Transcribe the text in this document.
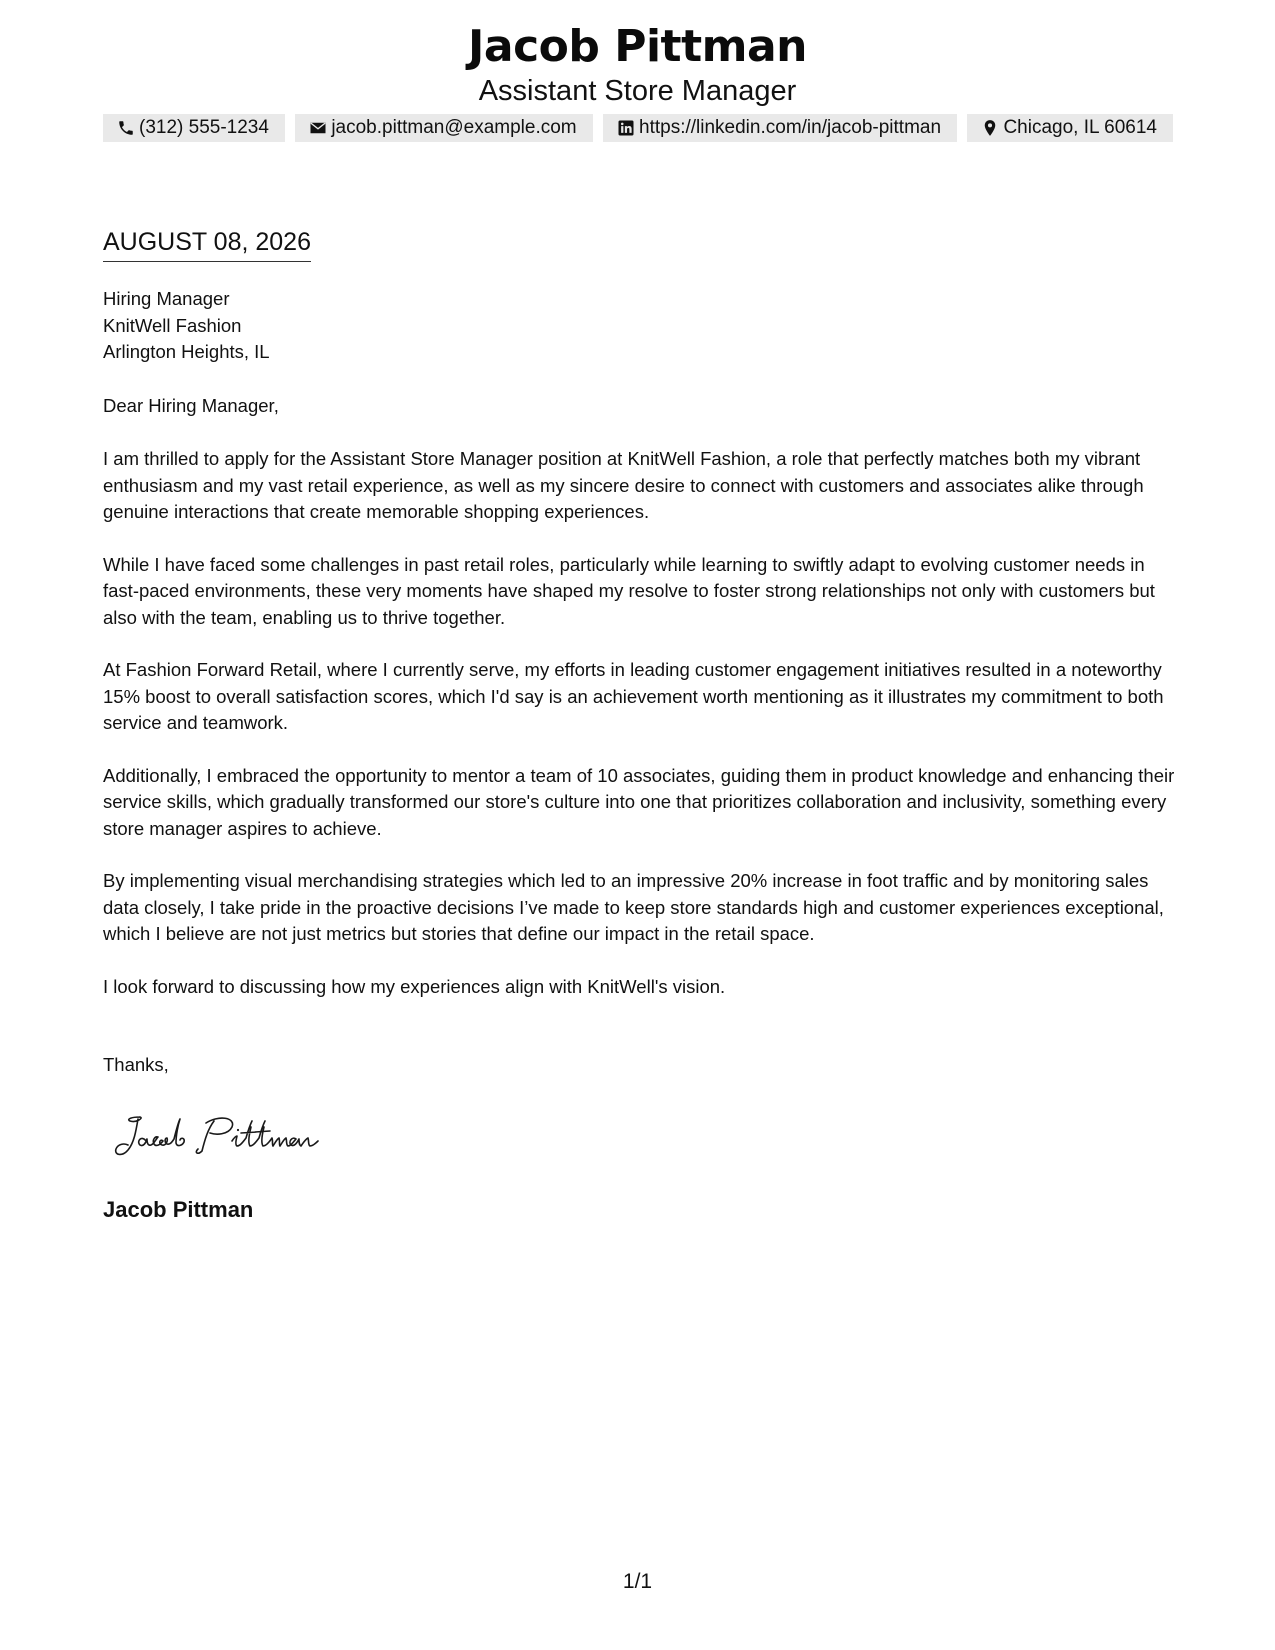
Jacob Pittman
Assistant Store Manager
(312) 555-1234	jacob.pittman@example.com	https://linkedin.com/in/jacob-pittman	Chicago, IL 60614
AUGUST 08, 2026
Hiring Manager
KnitWell Fashion
Arlington Heights, IL
Dear Hiring Manager,

I am thrilled to apply for the Assistant Store Manager position at KnitWell Fashion, a role that perfectly matches both my vibrant enthusiasm and my vast retail experience, as well as my sincere desire to connect with customers and associates alike through genuine interactions that create memorable shopping experiences.

While I have faced some challenges in past retail roles, particularly while learning to swiftly adapt to evolving customer needs in fast-paced environments, these very moments have shaped my resolve to foster strong relationships not only with customers but also with the team, enabling us to thrive together.

At Fashion Forward Retail, where I currently serve, my efforts in leading customer engagement initiatives resulted in a noteworthy 15% boost to overall satisfaction scores, which I'd say is an achievement worth mentioning as it illustrates my commitment to both service and teamwork.

Additionally, I embraced the opportunity to mentor a team of 10 associates, guiding them in product knowledge and enhancing their service skills, which gradually transformed our store's culture into one that prioritizes collaboration and inclusivity, something every store manager aspires to achieve.

By implementing visual merchandising strategies which led to an impressive 20% increase in foot traffic and by monitoring sales data closely, I take pride in the proactive decisions I’ve made to keep store standards high and customer experiences exceptional, which I believe are not just metrics but stories that define our impact in the retail space.

I look forward to discussing how my experiences align with KnitWell's vision.

Thanks,
Jacob Pittman
1/1
